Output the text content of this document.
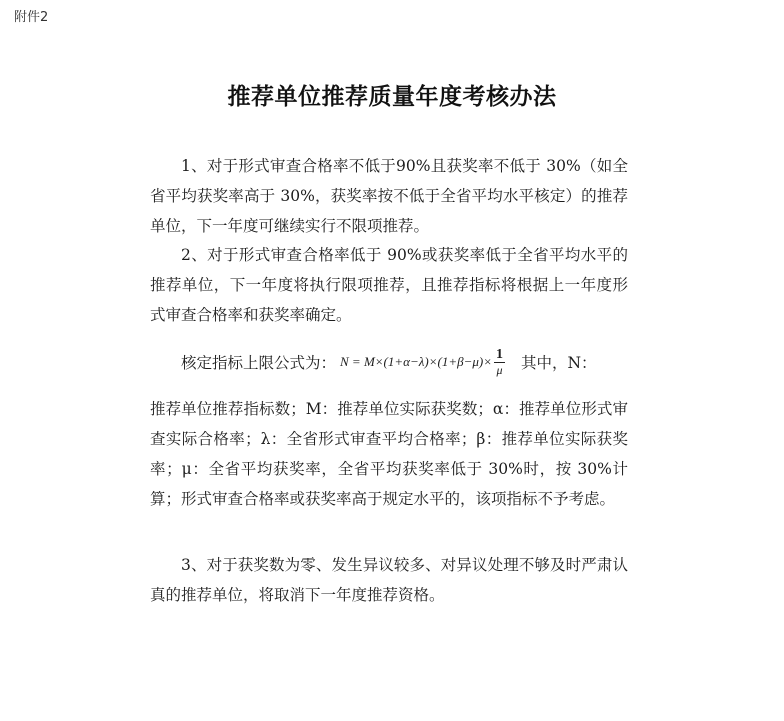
附件2
推荐单位推荐质量年度考核办法
1、对于形式审查合格率不低于90%且获奖率不低于 30%（如全省平均获奖率高于 30%，获奖率按不低于全省平均水平核定）的推荐单位，下一年度可继续实行不限项推荐。
2、对于形式审查合格率低于 90%或获奖率低于全省平均水平的推荐单位，下一年度将执行限项推荐，且推荐指标将根据上一年度形式审查合格率和获奖率确定。
核定指标上限公式为： $N = M\times(1+\alpha-\lambda)\times(1+\beta-\mu)\times \frac{1}{\mu}$ 其中，N：
推荐单位推荐指标数；M：推荐单位实际获奖数；α：推荐单位形式审查实际合格率；λ：全省形式审查平均合格率；β：推荐单位实际获奖率；μ：全省平均获奖率，全省平均获奖率低于 30%时，按 30%计算；形式审查合格率或获奖率高于规定水平的，该项指标不予考虑。
3、对于获奖数为零、发生异议较多、对异议处理不够及时严肃认真的推荐单位，将取消下一年度推荐资格。
